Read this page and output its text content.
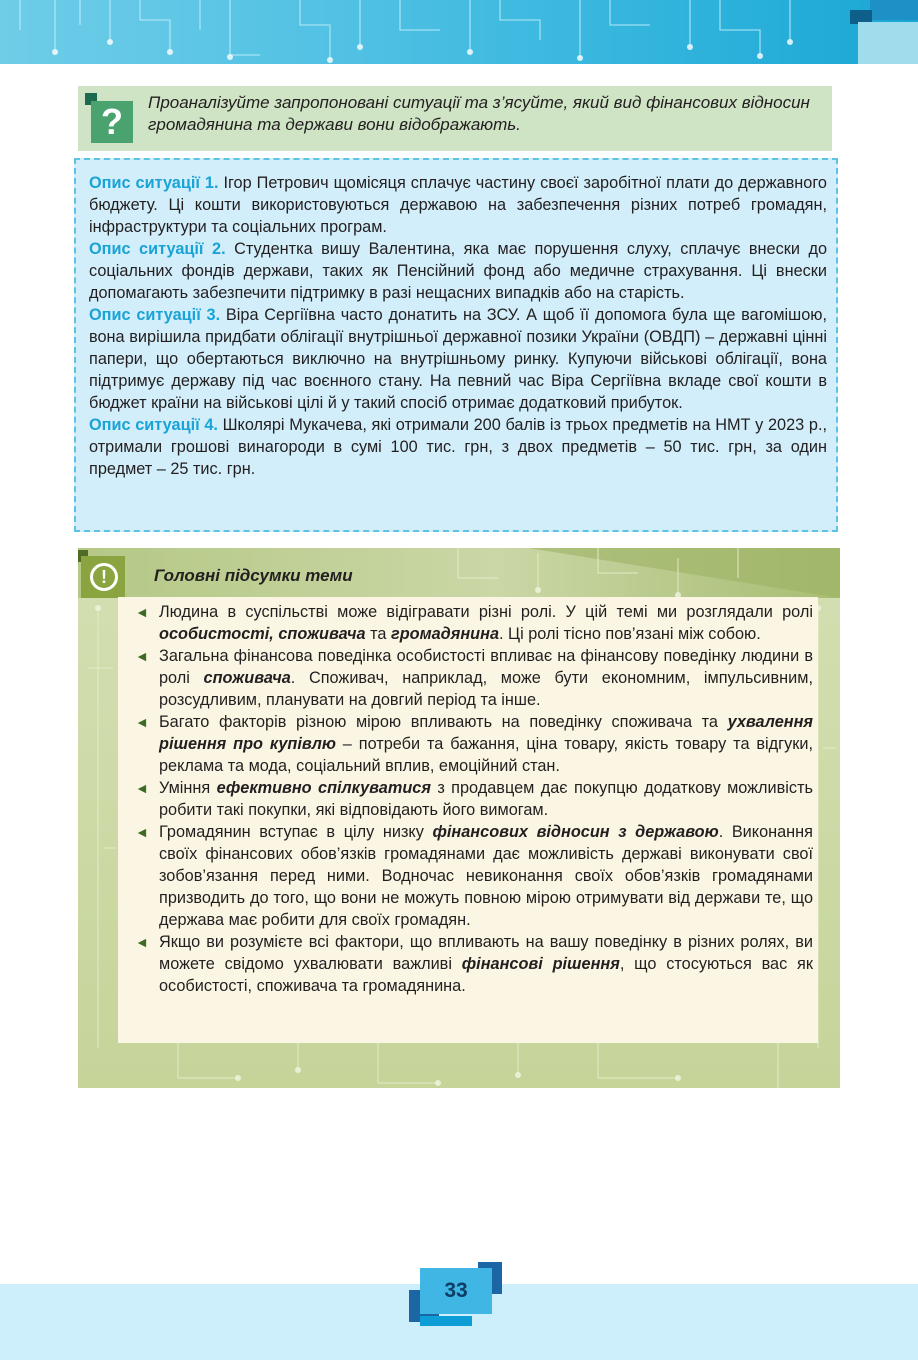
?	Проаналізуйте запропоновані ситуації та з’ясуйте, який вид фінансових відносин громадянина та держави вони відображають.

Опис ситуації 1. Ігор Петрович щомісяця сплачує частину своєї заробітної плати до державного бюджету. Ці кошти використовуються державою на забезпечення різних потреб громадян, інфраструктури та соціальних програм.

Опис ситуації 2. Студентка вишу Валентина, яка має порушення слуху, сплачує внески до соціальних фондів держави, таких як Пенсійний фонд або медичне страхування. Ці внески допомагають забезпечити підтримку в разі нещасних випадків або на старість.

Опис ситуації 3. Віра Сергіївна часто донатить на ЗСУ. А щоб її допомога була ще вагомішою, вона вирішила придбати облігації внутрішньої державної позики України (ОВДП) – державні цінні папери, що обертаються виключно на внутрішньому ринку. Купуючи військові облігації, вона підтримує державу під час воєнного стану. На певний час Віра Сергіївна вкладе свої кошти в бюджет країни на військові цілі й у такий спосіб отримає додатковий прибуток.

Опис ситуації 4. Школярі Мукачева, які отримали 200 балів із трьох предметів на НМТ у 2023 р., отримали грошові винагороди в сумі 100 тис. грн, з двох предметів – 50 тис. грн, за один предмет – 25 тис. грн.

!	Головні підсумки теми
◄ Людина в суспільстві може відігравати різні ролі. У цій темі ми розглядали ролі особистості, споживача та громадянина. Ці ролі тісно пов’язані між собою.
◄ Загальна фінансова поведінка особистості впливає на фінансову поведінку людини в ролі споживача. Споживач, наприклад, може бути економним, імпульсивним, розсудливим, планувати на довгий період та інше.
◄ Багато факторів різною мірою впливають на поведінку споживача та ухвалення рішення про купівлю – потреби та бажання, ціна товару, якість товару та відгуки, реклама та мода, соціальний вплив, емоційний стан.
◄ Уміння ефективно спілкуватися з продавцем дає покупцю додаткову можливість робити такі покупки, які відповідають його вимогам.
◄ Громадянин вступає в цілу низку фінансових відносин з державою. Виконання своїх фінансових обов’язків громадянами дає можливість державі виконувати свої зобов’язання перед ними. Водночас невиконання своїх обов’язків громадянами призводить до того, що вони не можуть повною мірою отримувати від держави те, що держава має робити для своїх громадян.
◄ Якщо ви розумієте всі фактори, що впливають на вашу поведінку в різних ролях, ви можете свідомо ухвалювати важливі фінансові рішення, що стосуються вас як особистості, споживача та громадянина.
33
